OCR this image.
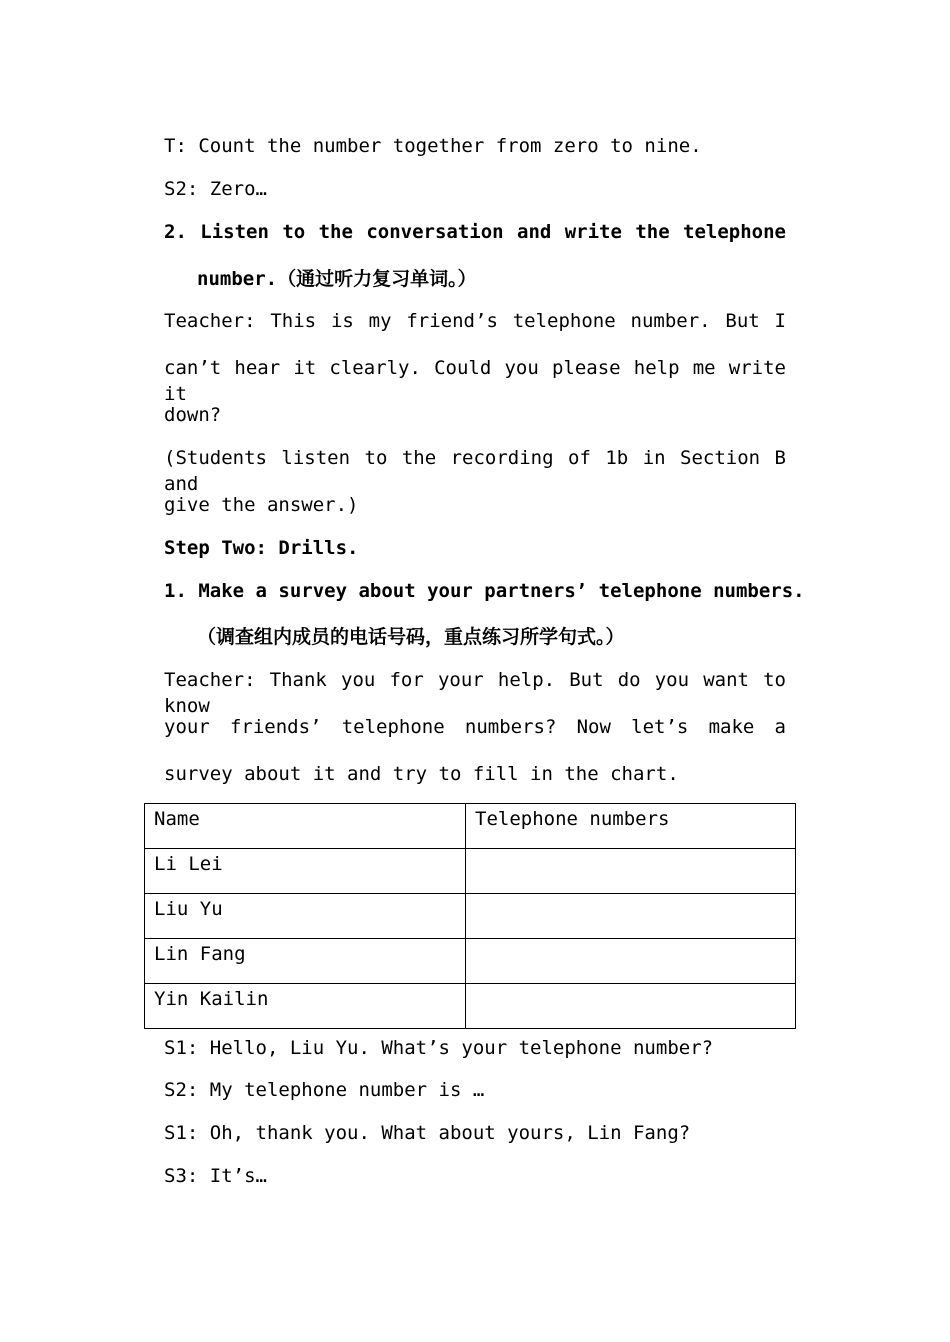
T: Count the number together from zero to nine.
S2: Zero…
2. Listen to the conversation and write the telephone
number.（通过听力复习单词。）
Teacher: This is my friend’s telephone number. But I
can’t hear it clearly. Could you please help me write it
down?
(Students listen to the recording of 1b in Section B and
give the answer.)
Step Two: Drills.
1. Make a survey about your partners’ telephone numbers.
（调查组内成员的电话号码，重点练习所学句式。）
Teacher: Thank you for your help. But do you want to know
your friends’ telephone numbers? Now let’s make a
survey about it and try to fill in the chart.
Name	Telephone numbers
Li Lei	
Liu Yu	
Lin Fang	
Yin Kailin	
S1: Hello, Liu Yu. What’s your telephone number?
S2: My telephone number is …
S1: Oh, thank you. What about yours, Lin Fang?
S3: It’s…
